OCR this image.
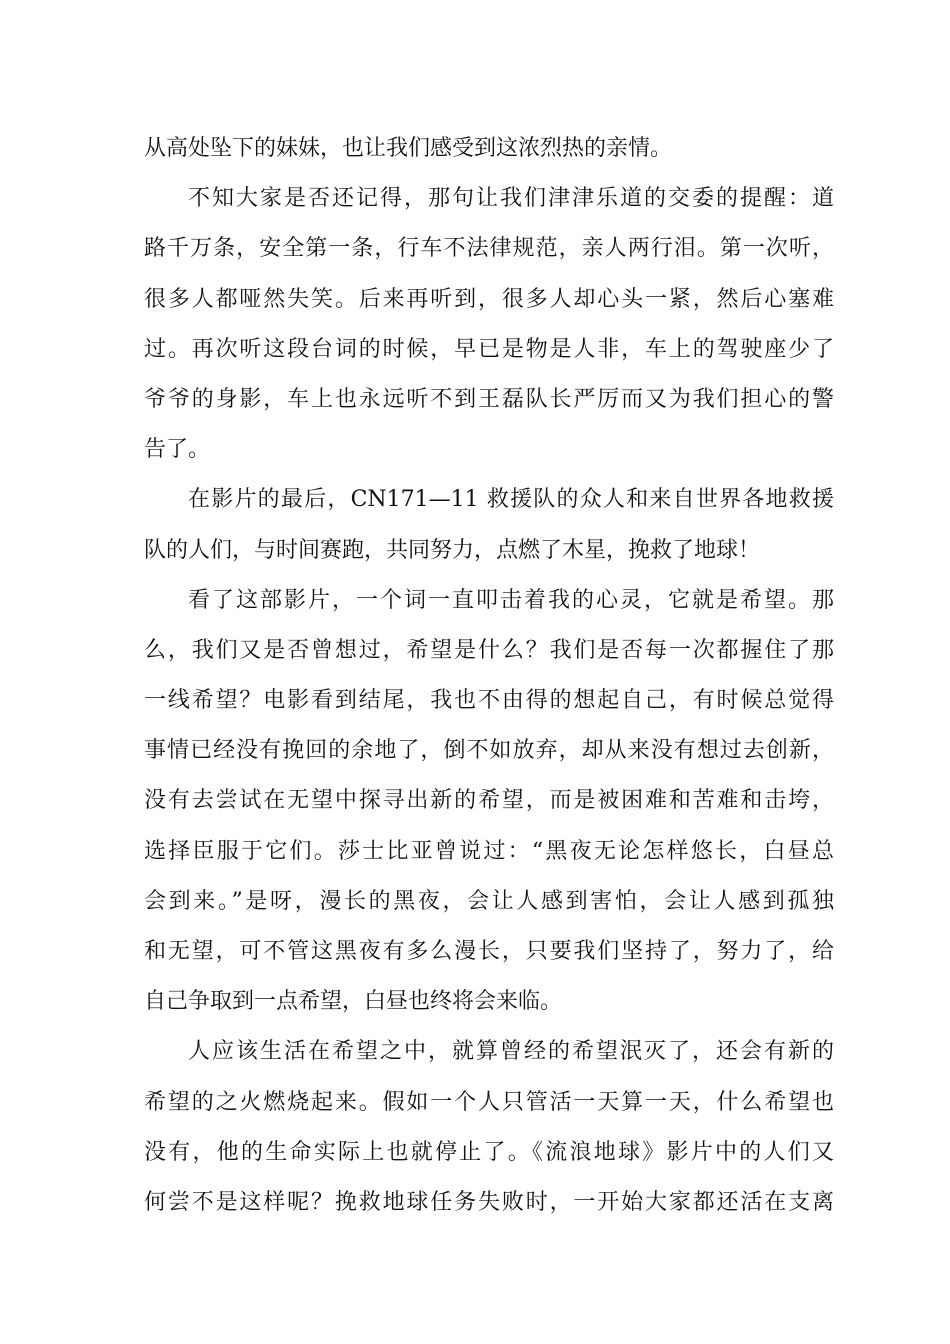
从高处坠下的妹妹，也让我们感受到这浓烈热的亲情。
不知大家是否还记得，那句让我们津津乐道的交委的提醒：道
路千万条，安全第一条，行车不法律规范，亲人两行泪。第一次听，
很多人都哑然失笑。后来再听到，很多人却心头一紧，然后心塞难
过。再次听这段台词的时候，早已是物是人非，车上的驾驶座少了
爷爷的身影，车上也永远听不到王磊队长严厉而又为我们担心的警
告了。
在影片的最后，CN171—11 救援队的众人和来自世界各地救援
队的人们，与时间赛跑，共同努力，点燃了木星，挽救了地球！
看了这部影片，一个词一直叩击着我的心灵，它就是希望。那
么，我们又是否曾想过，希望是什么？我们是否每一次都握住了那
一线希望？电影看到结尾，我也不由得的想起自己，有时候总觉得
事情已经没有挽回的余地了，倒不如放弃，却从来没有想过去创新，
没有去尝试在无望中探寻出新的希望，而是被困难和苦难和击垮，
选择臣服于它们。莎士比亚曾说过：“黑夜无论怎样悠长，白昼总
会到来。”是呀，漫长的黑夜，会让人感到害怕，会让人感到孤独
和无望，可不管这黑夜有多么漫长，只要我们坚持了，努力了，给
自己争取到一点希望，白昼也终将会来临。
人应该生活在希望之中，就算曾经的希望泯灭了，还会有新的
希望的之火燃烧起来。假如一个人只管活一天算一天，什么希望也
没有，他的生命实际上也就停止了。《流浪地球》影片中的人们又
何尝不是这样呢？挽救地球任务失败时，一开始大家都还活在支离
